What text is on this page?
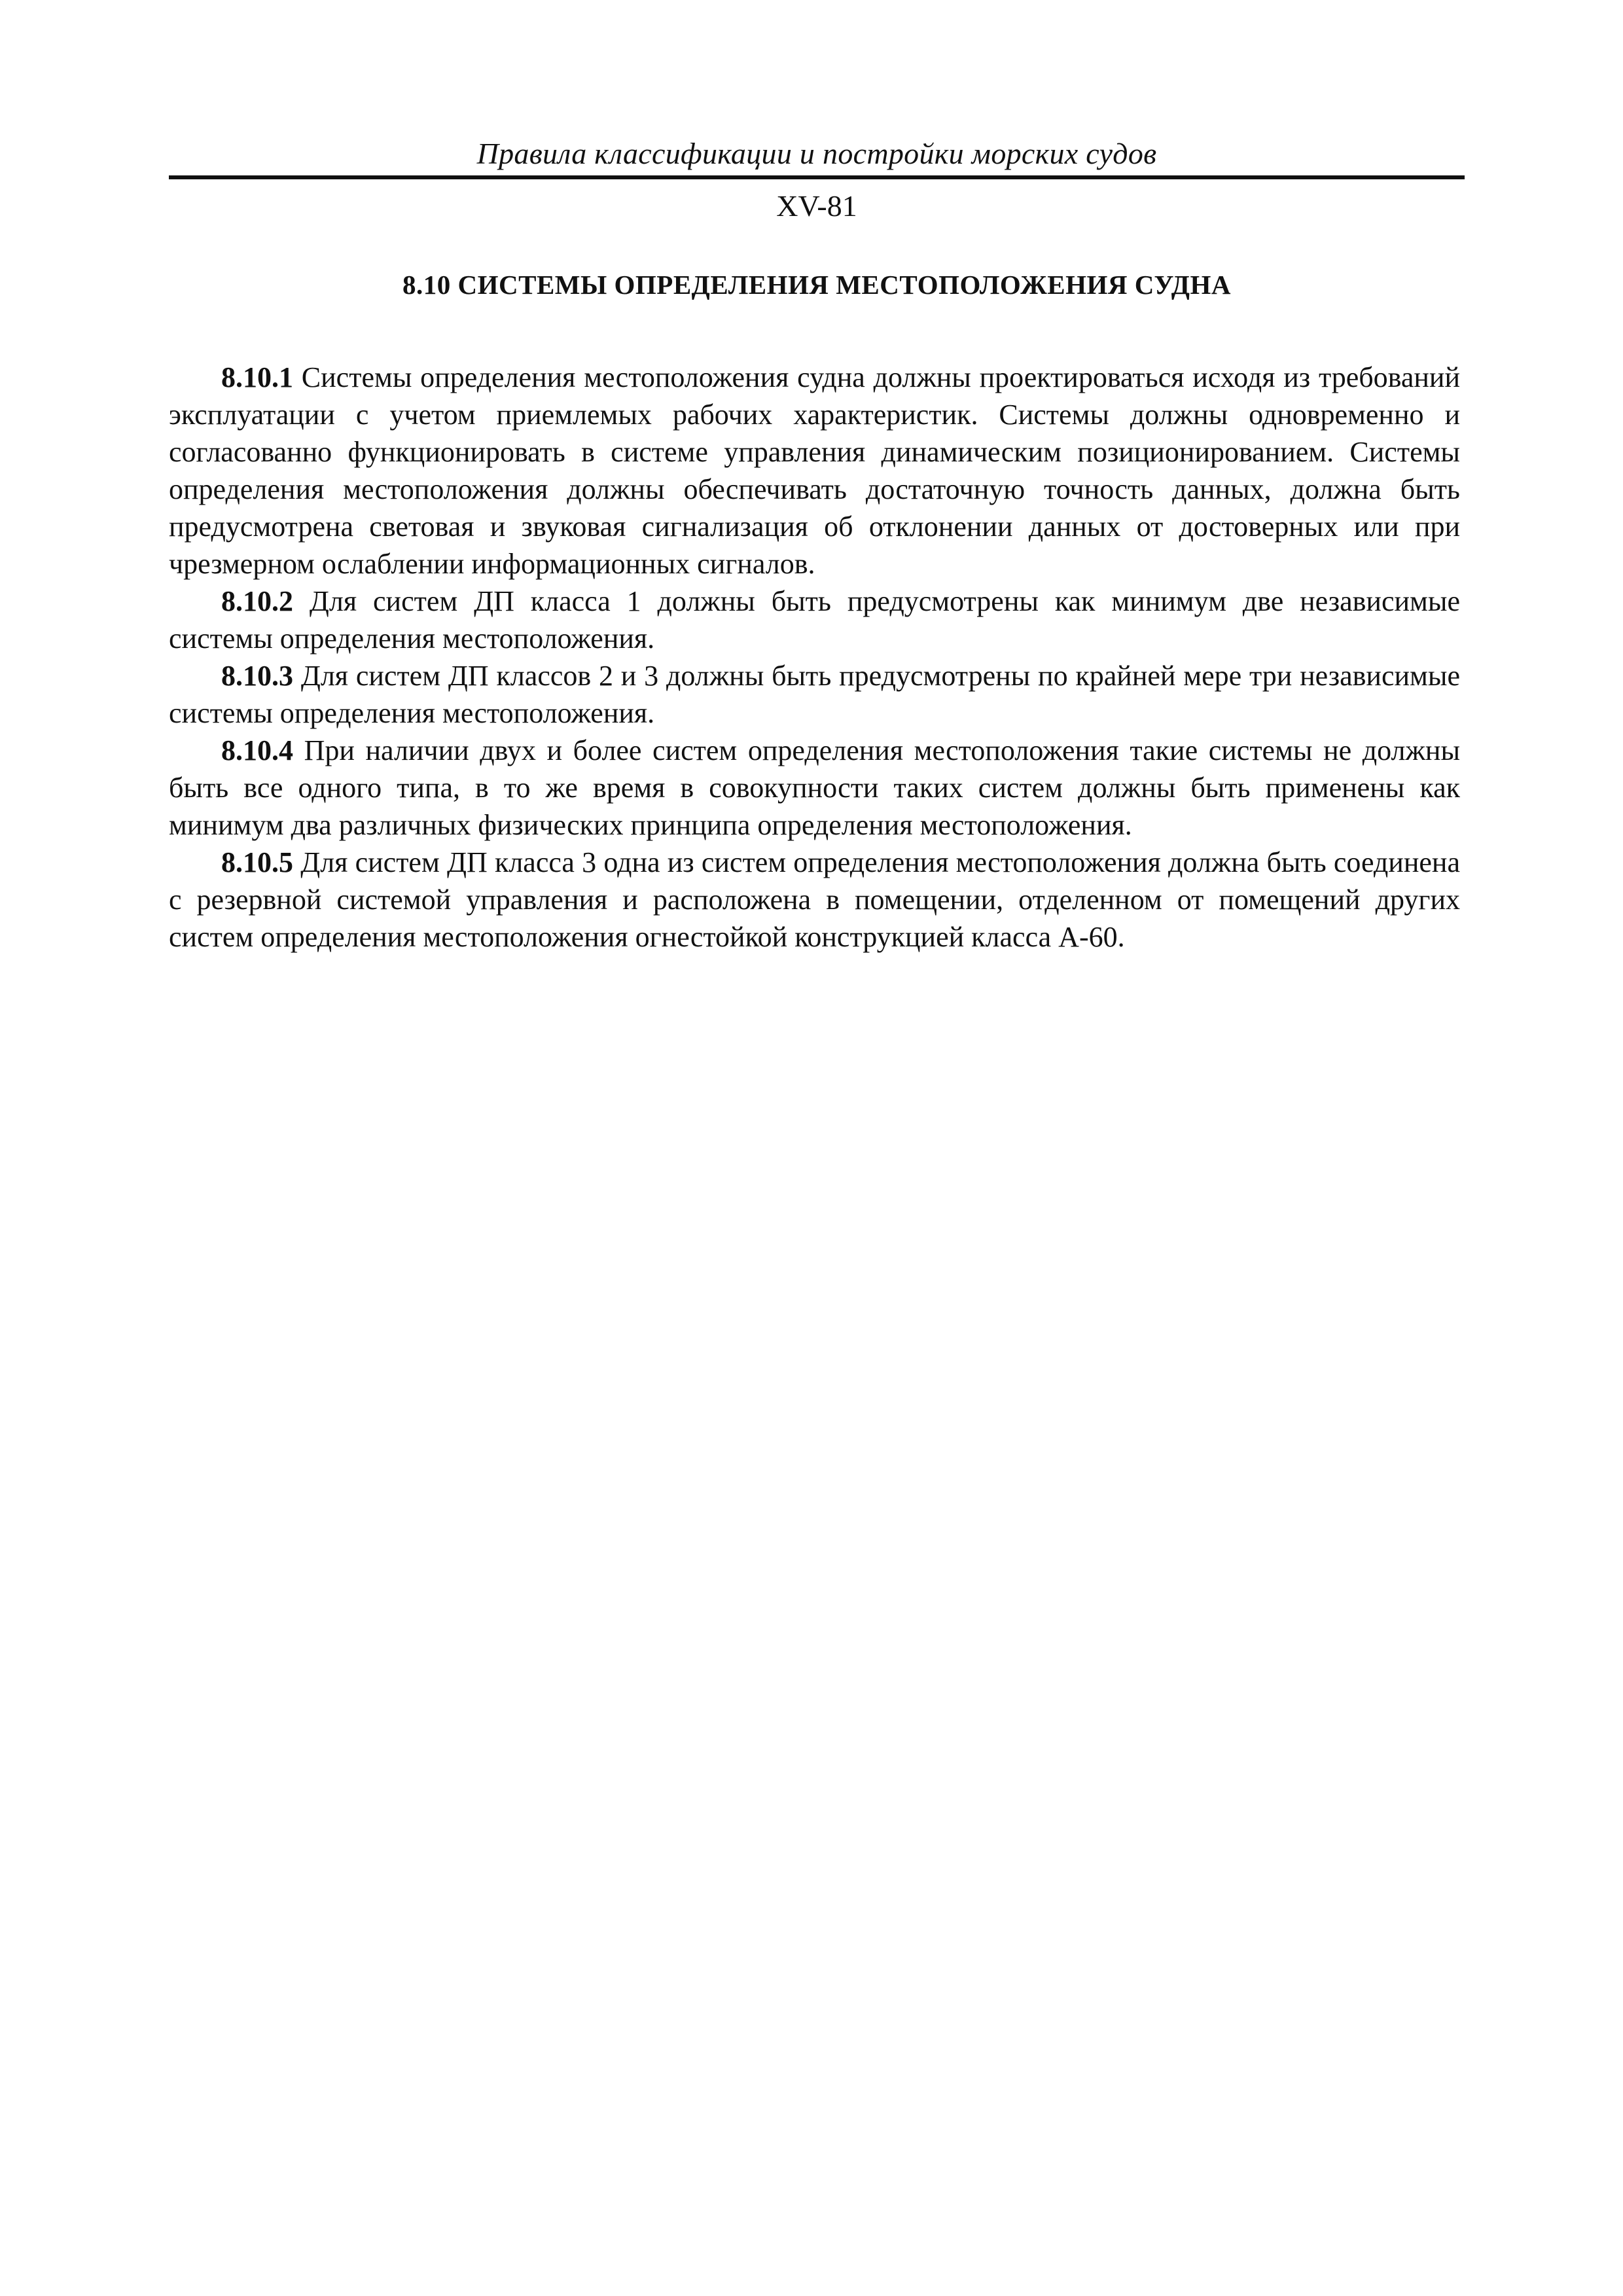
Правила классификации и постройки морских судов
XV-81
8.10 СИСТЕМЫ ОПРЕДЕЛЕНИЯ МЕСТОПОЛОЖЕНИЯ СУДНА

8.10.1 Системы определения местоположения судна должны проектироваться исходя из требований эксплуатации с учетом приемлемых рабочих характеристик. Системы должны одновременно и согласованно функционировать в системе управления динамическим позиционированием. Системы определения местоположения должны обеспечивать достаточную точность данных, должна быть предусмотрена световая и звуковая сигнализация об отклонении данных от достоверных или при чрезмерном ослаблении информационных сигналов.

8.10.2 Для систем ДП класса 1 должны быть предусмотрены как минимум две независимые системы определения местоположения.

8.10.3 Для систем ДП классов 2 и 3 должны быть предусмотрены по крайней мере три независимые системы определения местоположения.

8.10.4 При наличии двух и более систем определения местоположения такие системы не должны быть все одного типа, в то же время в совокупности таких систем должны быть применены как минимум два различных физических принципа определения местоположения.

8.10.5 Для систем ДП класса 3 одна из систем определения местоположения должна быть соединена с резервной системой управления и расположена в помещении, отделенном от помещений других систем определения местоположения огнестойкой конструкцией класса А-60.
